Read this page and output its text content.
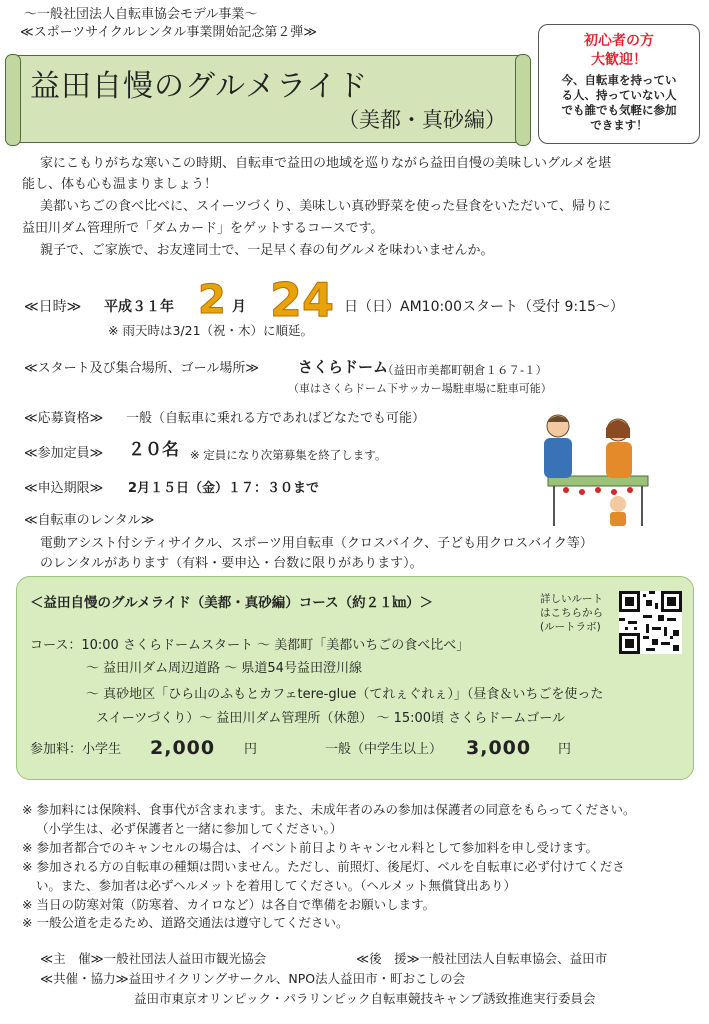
～一般社団法人自転車協会モデル事業～
≪スポーツサイクルレンタル事業開始記念第２弾≫
益田自慢のグルメライド
（美都・真砂編）
初心者の方
大歓迎！
今、自転車を持ってい
る人、持っていない人
でも誰でも気軽に参加
できます！
家にこもりがちな寒いこの時期、自転車で益田の地域を巡りながら益田自慢の美味しいグルメを堪
能し、体も心も温まりましょう！
美都いちごの食べ比べに、スイーツづくり、美味しい真砂野菜を使った昼食をいただいて、帰りに
益田川ダム管理所で「ダムカード」をゲットするコースです。
親子で、ご家族で、お友達同士で、一足早く春の旬グルメを味わいませんか。
≪日時≫ 平成３１年 2 月 24 日（日）AM10:00スタート（受付 9:15～）
※ 雨天時は3/21（祝・木）に順延。
≪スタート及び集合場所、ゴール場所≫	さくらドーム
（益田市美都町朝倉１６７-１）
（車はさくらドーム下サッカー場駐車場に駐車可能）
≪応募資格≫ 一般（自転車に乗れる方であればどなたでも可能）
≪参加定員≫ ２０名 ※ 定員になり次第募集を終了します。
≪申込期限≫ 2月１５日（金）１７：３０まで
≪自転車のレンタル≫
電動アシスト付シティサイクル、スポーツ用自転車（クロスバイク、子ども用クロスバイク等）
のレンタルがあります（有料・要申込・台数に限りがあります）。
＜益田自慢のグルメライド（美都・真砂編）コース（約２１㎞）＞	詳しいルート
はこちらから
(ルートラボ)
コース：10:00 さくらドームスタート ～ 美都町「美都いちごの食べ比べ」
～ 益田川ダム周辺道路 ～ 県道54号益田澄川線
～ 真砂地区「ひら山のふもとカフェtere-glue（てれぇぐれぇ）」（昼食＆いちごを使った
スイーツづくり）～ 益田川ダム管理所（休憩） ～ 15:00頃 さくらドームゴール
参加料：小学生 2,000 円	一般（中学生以上） 3,000 円
※ 参加料には保険料、食事代が含まれます。また、未成年者のみの参加は保護者の同意をもらってください。
（小学生は、必ず保護者と一緒に参加してください。）
※ 参加者都合でのキャンセルの場合は、イベント前日よりキャンセル料として参加料を申し受けます。
※ 参加される方の自転車の種類は問いません。ただし、前照灯、後尾灯、ベルを自転車に必ず付けてくださ
い。また、参加者は必ずヘルメットを着用してください。（ヘルメット無償貸出あり）
※ 当日の防寒対策（防寒着、カイロなど）は各自で準備をお願いします。
※ 一般公道を走るため、道路交通法は遵守してください。
≪主　催≫一般社団法人益田市観光協会	≪後　援≫一般社団法人自転車協会、益田市
≪共催・協力≫益田サイクリングサークル、NPO法人益田市・町おこしの会
益田市東京オリンピック・パラリンピック自転車競技キャンプ誘致推進実行委員会
